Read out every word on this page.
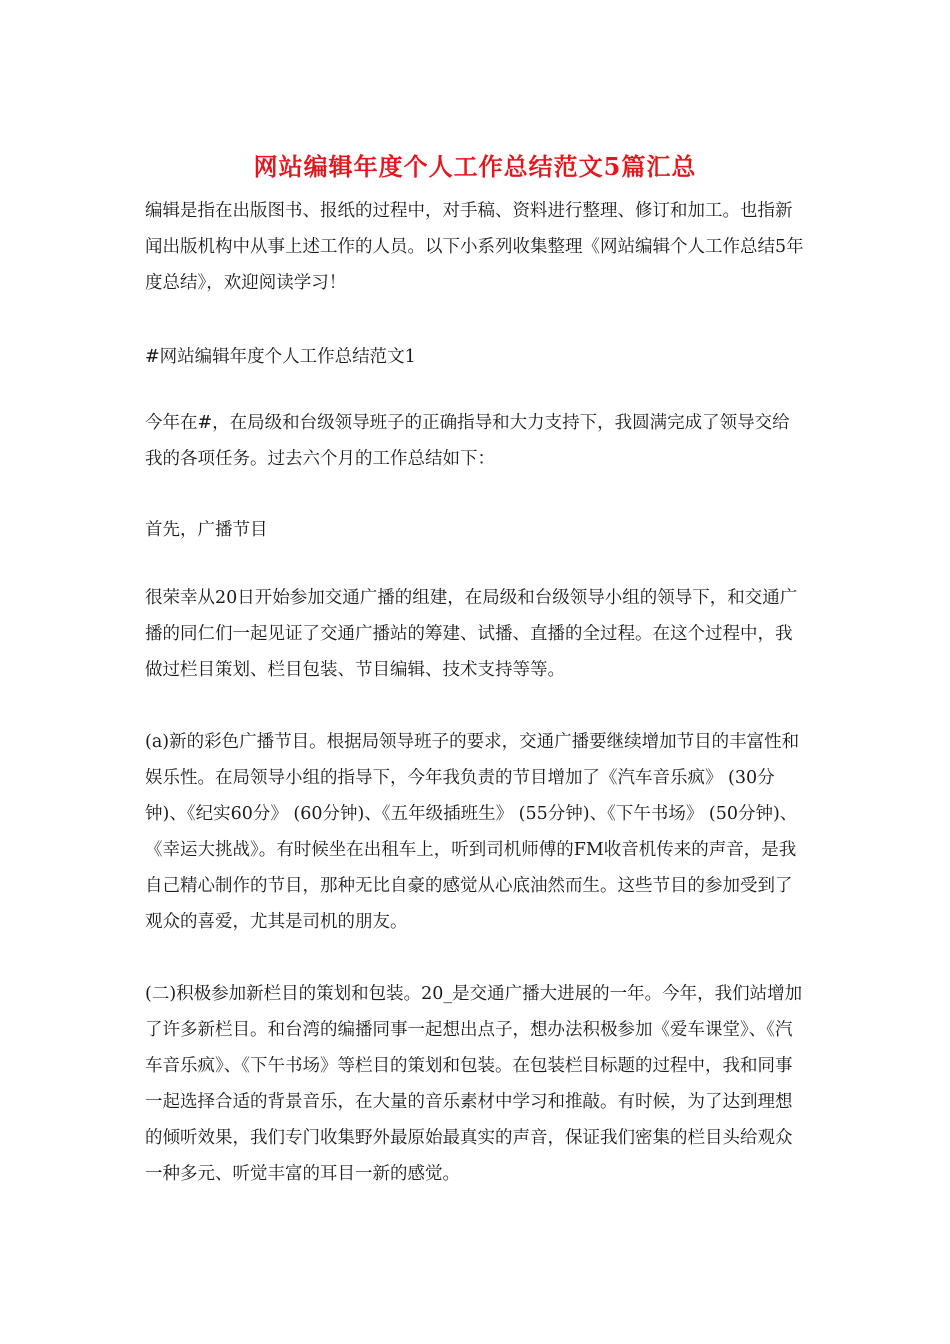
网站编辑年度个人工作总结范文5篇汇总

编辑是指在出版图书、报纸的过程中，对手稿、资料进行整理、修订和加工。也指新闻出版机构中从事上述工作的人员。以下小系列收集整理《网站编辑个人工作总结5年度总结》，欢迎阅读学习！

#网站编辑年度个人工作总结范文1

今年在#，在局级和台级领导班子的正确指导和大力支持下，我圆满完成了领导交给我的各项任务。过去六个月的工作总结如下：

首先，广播节目

很荣幸从20日开始参加交通广播的组建，在局级和台级领导小组的领导下，和交通广播的同仁们一起见证了交通广播站的筹建、试播、直播的全过程。在这个过程中，我做过栏目策划、栏目包装、节目编辑、技术支持等等。

(a)新的彩色广播节目。根据局领导班子的要求，交通广播要继续增加节目的丰富性和娱乐性。在局领导小组的指导下，今年我负责的节目增加了《汽车音乐疯》 (30分钟)、《纪实60分》 (60分钟)、《五年级插班生》 (55分钟)、《下午书场》 (50分钟)、《幸运大挑战》。有时候坐在出租车上，听到司机师傅的FM收音机传来的声音，是我自己精心制作的节目，那种无比自豪的感觉从心底油然而生。这些节目的参加受到了观众的喜爱，尤其是司机的朋友。

(二)积极参加新栏目的策划和包装。20_是交通广播大进展的一年。今年，我们站增加了许多新栏目。和台湾的编播同事一起想出点子，想办法积极参加《爱车课堂》、《汽车音乐疯》、《下午书场》等栏目的策划和包装。在包装栏目标题的过程中，我和同事一起选择合适的背景音乐，在大量的音乐素材中学习和推敲。有时候，为了达到理想的倾听效果，我们专门收集野外最原始最真实的声音，保证我们密集的栏目头给观众一种多元、听觉丰富的耳目一新的感觉。
